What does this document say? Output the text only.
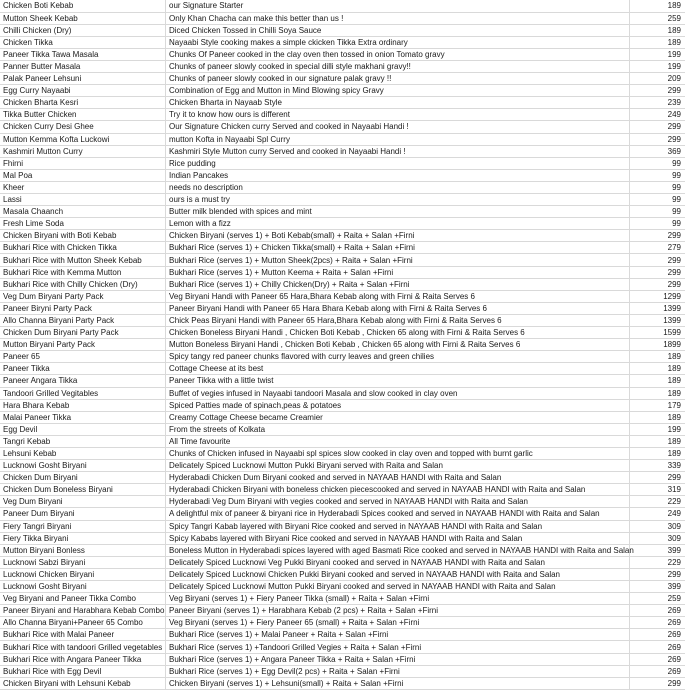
Chicken Boti Kebab	our Signature Starter	189
Mutton Sheek Kebab	Only Khan Chacha can make this better than us !	259
Chilli Chicken (Dry)	Diced Chicken Tossed in Chilli Soya Sauce	189
Chicken Tikka	Nayaabi Style cooking makes a simple ckicken Tikka Extra ordinary	189
Paneer Tikka Tawa Masala	Chunks Of Paneer cooked in the clay oven then tossed in onion Tomato gravy	199
Panner Butter Masala	Chunks of paneer slowly cooked in special dilli style makhani gravy!!	199
Palak Paneer Lehsuni	Chunks of paneer slowly cooked in our signature palak gravy !!	209
Egg Curry Nayaabi	Combination of Egg and Mutton in Mind Blowing spicy Gravy	299
Chicken Bharta Kesri	Chicken Bharta in Nayaab Style	239
Tikka Butter Chicken	Try it to know how ours is different	249
Chicken Curry Desi Ghee	Our Signature Chicken curry Served and cooked in Nayaabi Handi !	299
Mutton Kemma Kofta Luckowi	mutton Kofta in Nayaabi Spl Curry	299
Kashmiri Mutton Curry	Kashmiri Style Mutton curry Served and cooked in Nayaabi Handi !	369
Fhirni	Rice pudding	99
Mal Poa	Indian Pancakes	99
Kheer	needs no description	99
Lassi	ours is a must try	99
Masala Chaanch	Butter milk blended with spices and mint	99
Fresh Lime Soda	Lemon with a fizz	99
Chicken Biryani with Boti Kebab	Chicken Biryani (serves 1) + Boti Kebab(small) + Raita + Salan +Firni	299
Bukhari Rice with Chicken Tikka	Bukhari Rice (serves 1) + Chicken Tikka(small) + Raita + Salan +Firni	279
Bukhari Rice with Mutton Sheek Kebab	Bukhari Rice (serves 1) + Mutton Sheek(2pcs) + Raita + Salan +Firni	299
Bukhari Rice with Kemma Mutton	Bukhari Rice (serves 1) + Mutton Keema + Raita + Salan +Firni	299
Bukhari Rice with Chilly Chicken (Dry)	Bukhari Rice (serves 1) + Chilly Chicken(Dry) + Raita + Salan +Firni	299
Veg Dum Biryani Party Pack	Veg Biryani Handi with Paneer 65 Hara,Bhara Kebab along with Firni & Raita Serves 6	1299
Paneer Biryni Party Pack	Paneer Biryani Handi with Paneer 65 Hara Bhara Kebab along with Firni & Raita Serves 6	1399
Allo Channa Biryani Party Pack	Chick Peas Biryani Handi with Paneer 65 Hara,Bhara Kebab along with Firni & Raita Serves 6	1399
Chicken Dum Biryani Party Pack	Chicken Boneless Biryani Handi , Chicken Boti Kebab , Chicken 65 along with Firni & Raita Serves 6	1599
Mutton Biryani Party Pack	Mutton Boneless Biryani Handi , Chicken Boti Kebab , Chicken 65 along with Firni & Raita Serves 6	1899
Paneer 65	Spicy tangy red paneer chunks flavored with curry leaves and green chilies	189
Paneer Tikka	Cottage Cheese at its best	189
Paneer Angara Tikka	Paneer Tikka with a little twist	189
Tandoori Grilled Vegitables	Buffet of vegies infused in Nayaabi tandoori Masala and slow cooked in clay oven	189
Hara Bhara Kebab	Spiced Patties made of spinach,peas & potatoes	179
Malai Paneer Tikka	Creamy Cottage Cheese became Creamier	189
Egg Devil	From the streets of Kolkata	199
Tangri Kebab	All Time favourite	189
Lehsuni Kebab	Chunks of Chicken infused in Nayaabi spl spices slow cooked in clay oven and topped with burnt garlic	189
Lucknowi Gosht Biryani	Delicately Spiced Lucknowi Mutton Pukki Biryani served with Raita and Salan	339
Chicken Dum Biryani	Hyderabadi Chicken Dum Biryani cooked and served in NAYAAB HANDI with Raita and Salan	299
Chicken Dum Boneless Biryani	Hyderabadi Chicken Biryani with boneless chicken piecescooked and served in NAYAAB HANDI with Raita and Salan	319
Veg Dum Biryani	Hyderabadi Veg Dum Biryani with vegies cooked and served in NAYAAB HANDI with Raita and Salan	229
Paneer Dum Biryani	A delightful mix of paneer & biryani rice in Hyderabadi Spices cooked and served in NAYAAB HANDI with Raita and Salan	249
Fiery Tangri Biryani	Spicy Tangri Kabab layered with Biryani Rice cooked and served in NAYAAB HANDI with Raita and Salan	309
Fiery Tikka Biryani	Spicy Kababs layered with Biryani Rice cooked and served in NAYAAB HANDI with Raita and Salan	309
Mutton Biryani Bonless	Boneless Mutton in Hyderabadi spices layered with aged Basmati Rice cooked and served in NAYAAB HANDI with Raita and Salan	399
Lucknowi Sabzi Biryani	Delicately Spiced Lucknowi Veg Pukki Biryani cooked and served in NAYAAB HANDI with Raita and Salan	229
Lucknowi Chicken Biryani	Delicately Spiced Lucknowi Chicken Pukki Biryani cooked and served in NAYAAB HANDI with Raita and Salan	299
Lucknowi Gosht Biryani	Delicately Spiced Lucknowi Mutton Pukki Biryani cooked and served in NAYAAB HANDI with Raita and Salan	399
Veg Biryani and Paneer Tikka Combo	Veg Biryani (serves 1) + Fiery Paneer Tikka (small) + Raita + Salan +Firni	259
Paneer Biryani and Harabhara Kebab Combo	Paneer Biryani (serves 1) + Harabhara Kebab (2 pcs) + Raita + Salan +Firni	269
Allo Channa Biryani+Paneer 65 Combo	Veg Biryani (serves 1) + Fiery Paneer 65 (small) + Raita + Salan +Firni	269
Bukhari Rice with Malai Paneer	Bukhari Rice (serves 1) + Malai Paneer + Raita + Salan +Firni	269
Bukhari Rice with tandoori Grilled vegetables	Bukhari Rice (serves 1) +Tandoori Grilled Vegies + Raita + Salan +Firni	269
Bukhari Rice with Angara Paneer Tikka	Bukhari Rice (serves 1) + Angara Paneer Tikka + Raita + Salan +Firni	269
Bukhari Rice with Egg Devil	Bukhari Rice (serves 1) + Egg Devil(2 pcs) + Raita + Salan +Firni	269
Chicken Biryani with Lehsuni Kebab	Chicken Biryani (serves 1) + Lehsuni(small) + Raita + Salan +Firni	299
